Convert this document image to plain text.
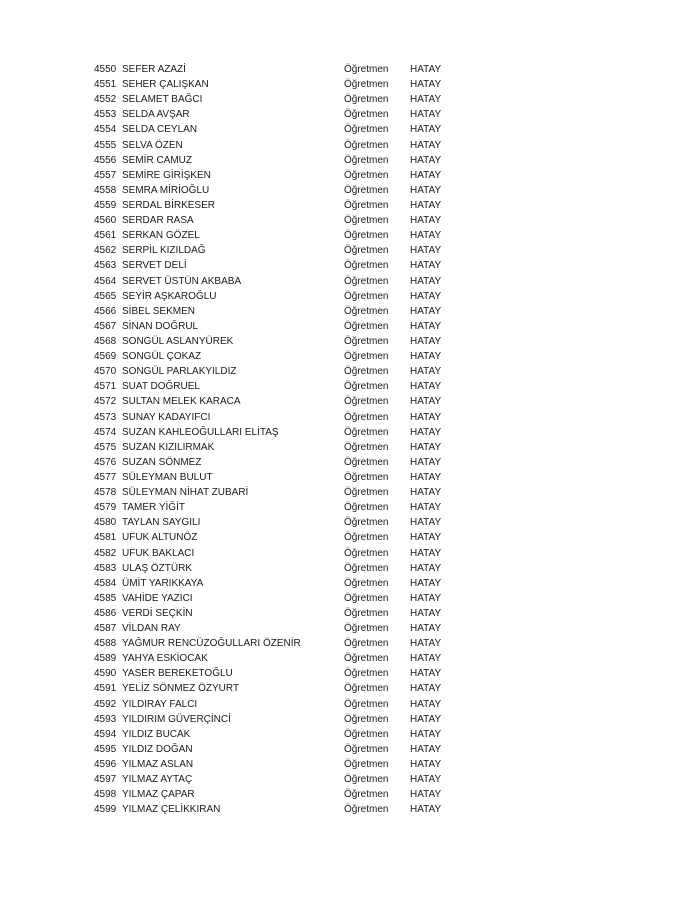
4550 SEFER AZAZİ	Öğretmen HATAY
4551 SEHER ÇALIŞKAN	Öğretmen HATAY
4552 SELAMET BAĞCI	Öğretmen HATAY
4553 SELDA AVŞAR	Öğretmen HATAY
4554 SELDA CEYLAN	Öğretmen HATAY
4555 SELVA ÖZEN	Öğretmen HATAY
4556 SEMİR CAMUZ	Öğretmen HATAY
4557 SEMİRE GİRİŞKEN	Öğretmen HATAY
4558 SEMRA MİRİOĞLU	Öğretmen HATAY
4559 SERDAL BİRKESER	Öğretmen HATAY
4560 SERDAR RASA	Öğretmen HATAY
4561 SERKAN GÖZEL	Öğretmen HATAY
4562 SERPİL KIZILDAĞ	Öğretmen HATAY
4563 SERVET DELİ	Öğretmen HATAY
4564 SERVET ÜSTÜN AKBABA	Öğretmen HATAY
4565 SEYİR AŞKAROĞLU	Öğretmen HATAY
4566 SİBEL SEKMEN	Öğretmen HATAY
4567 SİNAN DOĞRUL	Öğretmen HATAY
4568 SONGÜL ASLANYÜREK	Öğretmen HATAY
4569 SONGÜL ÇOKAZ	Öğretmen HATAY
4570 SONGÜL PARLAKYILDIZ	Öğretmen HATAY
4571 SUAT DOĞRUEL	Öğretmen HATAY
4572 SULTAN MELEK KARACA	Öğretmen HATAY
4573 SUNAY KADAYIFCI	Öğretmen HATAY
4574 SUZAN KAHLEOĞULLARI ELİTAŞ	Öğretmen HATAY
4575 SUZAN KIZILIRMAK	Öğretmen HATAY
4576 SUZAN SÖNMEZ	Öğretmen HATAY
4577 SÜLEYMAN BULUT	Öğretmen HATAY
4578 SÜLEYMAN NİHAT ZUBARİ	Öğretmen HATAY
4579 TAMER YİĞİT	Öğretmen HATAY
4580 TAYLAN SAYGILI	Öğretmen HATAY
4581 UFUK ALTUNÖZ	Öğretmen HATAY
4582 UFUK BAKLACI	Öğretmen HATAY
4583 ULAŞ ÖZTÜRK	Öğretmen HATAY
4584 ÜMİT YARIKKAYA	Öğretmen HATAY
4585 VAHİDE YAZICI	Öğretmen HATAY
4586 VERDİ SEÇKİN	Öğretmen HATAY
4587 VİLDAN RAY	Öğretmen HATAY
4588 YAĞMUR RENCÜZOĞULLARI ÖZENİR	Öğretmen HATAY
4589 YAHYA ESKİOCAK	Öğretmen HATAY
4590 YASER BEREKETOĞLU	Öğretmen HATAY
4591 YELİZ SÖNMEZ ÖZYURT	Öğretmen HATAY
4592 YILDIRAY FALCI	Öğretmen HATAY
4593 YILDIRIM GÜVERÇİNCİ	Öğretmen HATAY
4594 YILDIZ BUCAK	Öğretmen HATAY
4595 YILDIZ DOĞAN	Öğretmen HATAY
4596 YILMAZ ASLAN	Öğretmen HATAY
4597 YILMAZ AYTAÇ	Öğretmen HATAY
4598 YILMAZ ÇAPAR	Öğretmen HATAY
4599 YILMAZ ÇELİKKIRAN	Öğretmen HATAY
